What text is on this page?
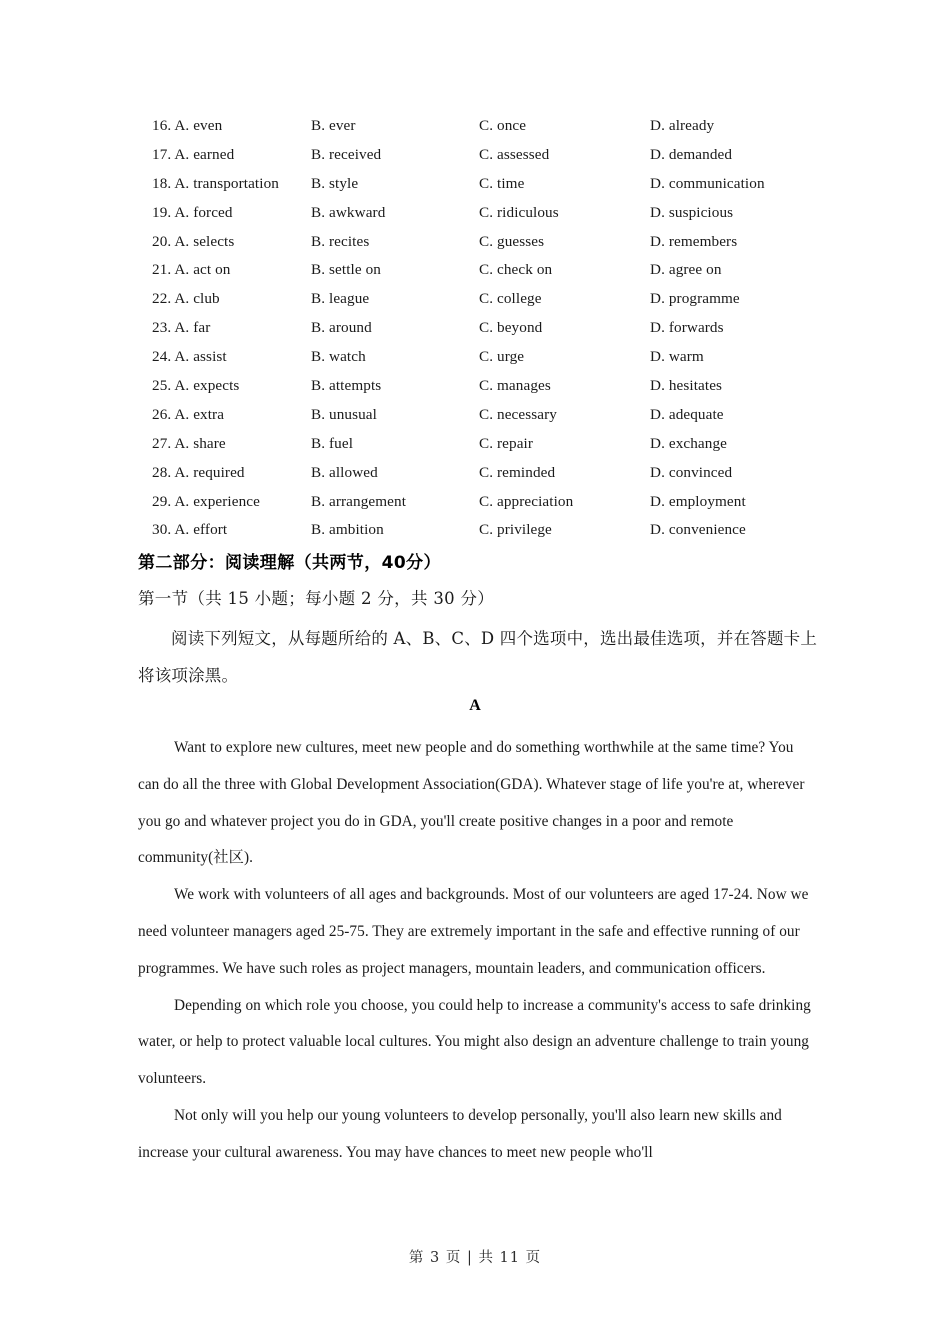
16. A. even	B. ever	C. once	D. already
17. A. earned	B. received	C. assessed	D. demanded
18. A. transportation B. style	C. time	D. communication
19. A. forced	B. awkward	C. ridiculous	D. suspicious
20. A. selects	B. recites	C. guesses	D. remembers
21. A. act on	B. settle on	C. check on	D. agree on
22. A. club	B. league	C. college	D. programme
23. A. far	B. around	C. beyond	D. forwards
24. A. assist	B. watch	C. urge	D. warm
25. A. expects	B. attempts	C. manages	D. hesitates
26. A. extra	B. unusual	C. necessary	D. adequate
27. A. share	B. fuel	C. repair	D. exchange
28. A. required	B. allowed	C. reminded	D. convinced
29. A. experience	B. arrangement	C. appreciation	D. employment
30. A. effort	B. ambition	C. privilege	D. convenience
第二部分：阅读理解（共两节，40分）
第一节（共 15 小题；每小题 2 分，共 30 分）
阅读下列短文，从每题所给的 A、B、C、D 四个选项中，选出最佳选项，并在答题卡上将该项涂黑。
A

Want to explore new cultures, meet new people and do something worthwhile at the same time? You can do all the three with Global Development Association(GDA). Whatever stage of life you're at, wherever you go and whatever project you do in GDA, you'll create positive changes in a poor and remote community(社区).

We work with volunteers of all ages and backgrounds. Most of our volunteers are aged 17-24. Now we need volunteer managers aged 25-75. They are extremely important in the safe and effective running of our programmes. We have such roles as project managers, mountain leaders, and communication officers.

Depending on which role you choose, you could help to increase a community's access to safe drinking water, or help to protect valuable local cultures. You might also design an adventure challenge to train young volunteers.

Not only will you help our young volunteers to develop personally, you'll also learn new skills and increase your cultural awareness. You may have chances to meet new people who'll

第 3 页 | 共 11 页
